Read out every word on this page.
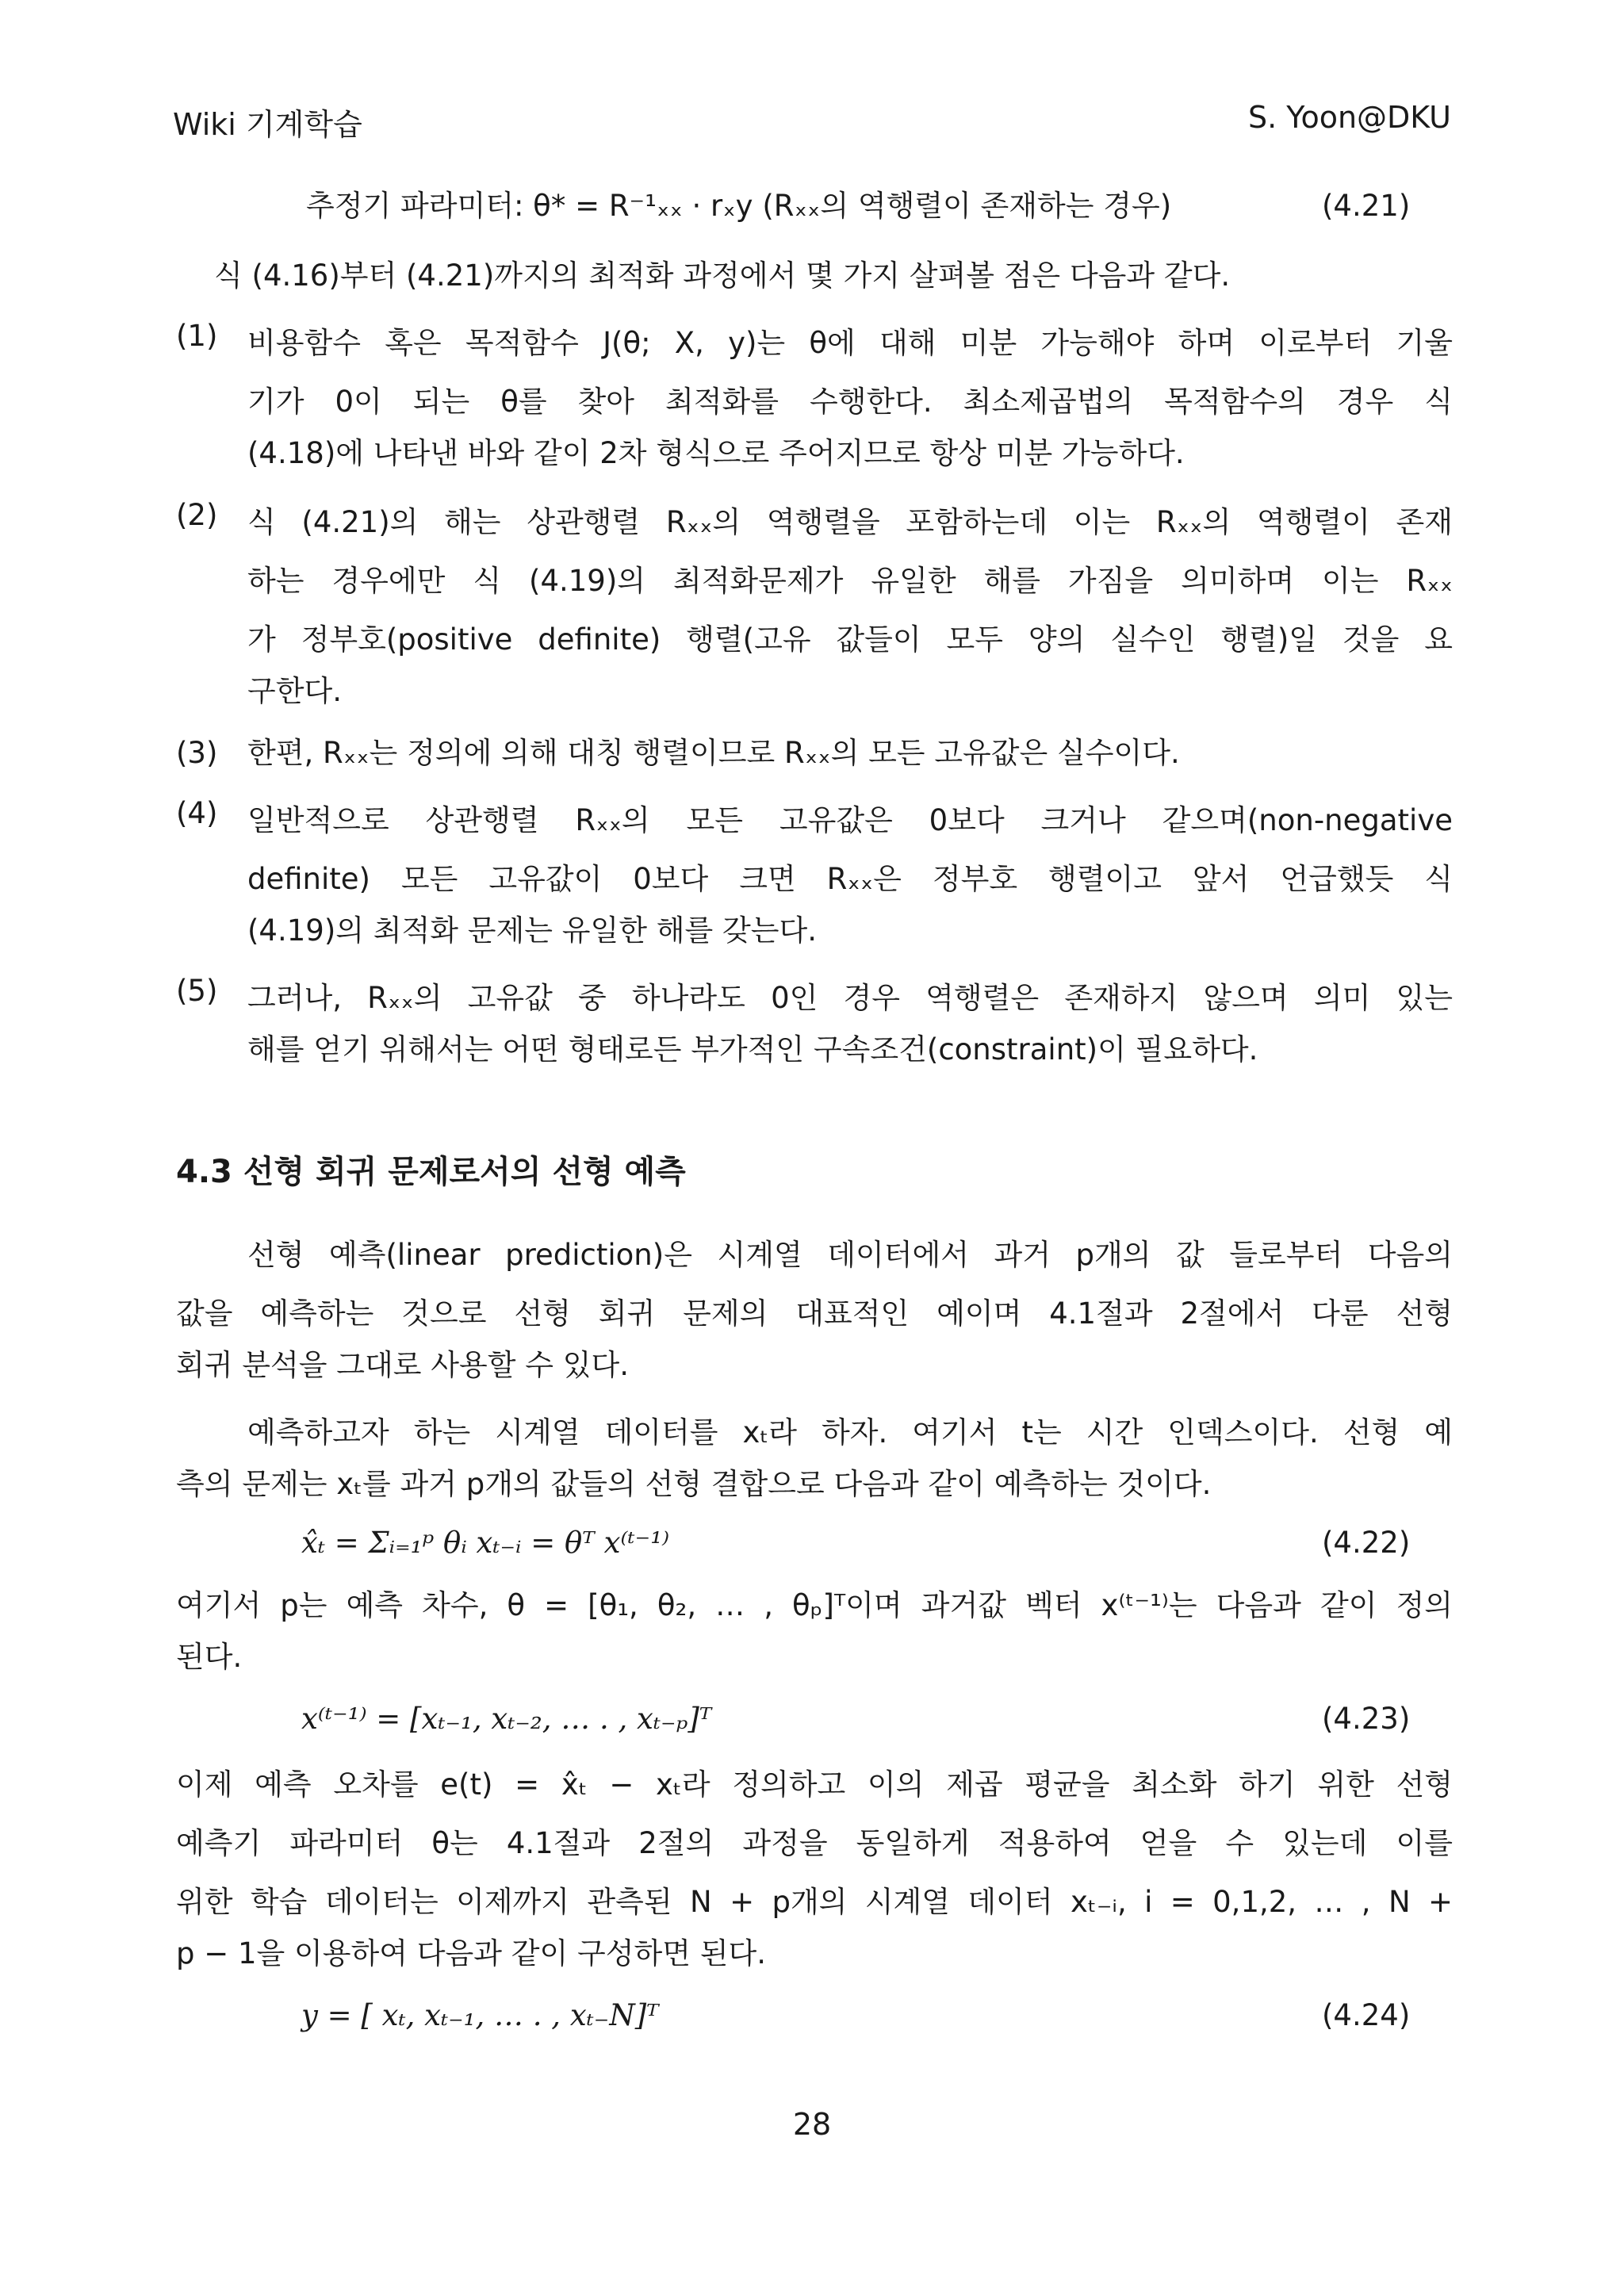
Wiki 기계학습	S. Yoon@DKU
추정기 파라미터: θ* = R⁻¹ₓₓ · rₓy (Rₓₓ의 역행렬이 존재하는 경우)	(4.21)
식 (4.16)부터 (4.21)까지의 최적화 과정에서 몇 가지 살펴볼 점은 다음과 같다.
(1) 비용함수 혹은 목적함수 J(θ; X, y)는 θ에 대해 미분 가능해야 하며 이로부터 기울
기가 0이 되는 θ를 찾아 최적화를 수행한다. 최소제곱법의 목적함수의 경우 식
(4.18)에 나타낸 바와 같이 2차 형식으로 주어지므로 항상 미분 가능하다.
(2) 식 (4.21)의 해는 상관행렬 Rₓₓ의 역행렬을 포함하는데 이는 Rₓₓ의 역행렬이 존재
하는 경우에만 식 (4.19)의 최적화문제가 유일한 해를 가짐을 의미하며 이는 Rₓₓ
가 정부호(positive definite) 행렬(고유 값들이 모두 양의 실수인 행렬)일 것을 요
구한다.
(3) 한편, Rₓₓ는 정의에 의해 대칭 행렬이므로 Rₓₓ의 모든 고유값은 실수이다.
(4) 일반적으로 상관행렬 Rₓₓ의 모든 고유값은 0보다 크거나 같으며(non-negative
definite) 모든 고유값이 0보다 크면 Rₓₓ은 정부호 행렬이고 앞서 언급했듯 식
(4.19)의 최적화 문제는 유일한 해를 갖는다.
(5) 그러나, Rₓₓ의 고유값 중 하나라도 0인 경우 역행렬은 존재하지 않으며 의미 있는
해를 얻기 위해서는 어떤 형태로든 부가적인 구속조건(constraint)이 필요하다.
4.3 선형 회귀 문제로서의 선형 예측
선형 예측(linear prediction)은 시계열 데이터에서 과거 p개의 값 들로부터 다음의
값을 예측하는 것으로 선형 회귀 문제의 대표적인 예이며 4.1절과 2절에서 다룬 선형
회귀 분석을 그대로 사용할 수 있다.
예측하고자 하는 시계열 데이터를 xₜ라 하자. 여기서 t는 시간 인덱스이다. 선형 예
측의 문제는 xₜ를 과거 p개의 값들의 선형 결합으로 다음과 같이 예측하는 것이다.
x̂ₜ = Σᵢ₌₁ᵖ θᵢ xₜ₋ᵢ = θᵀ x⁽ᵗ⁻¹⁾	(4.22)
여기서 p는 예측 차수, θ = [θ₁, θ₂, … , θₚ]ᵀ이며 과거값 벡터 x⁽ᵗ⁻¹⁾는 다음과 같이 정의
된다.
x⁽ᵗ⁻¹⁾ = [xₜ₋₁, xₜ₋₂, … . , xₜ₋ₚ]ᵀ	(4.23)
이제 예측 오차를 e(t) = x̂ₜ − xₜ라 정의하고 이의 제곱 평균을 최소화 하기 위한 선형
예측기 파라미터 θ는 4.1절과 2절의 과정을 동일하게 적용하여 얻을 수 있는데 이를
위한 학습 데이터는 이제까지 관측된 N + p개의 시계열 데이터 xₜ₋ᵢ, i = 0,1,2, … , N +
p − 1을 이용하여 다음과 같이 구성하면 된다.
y = [ xₜ, xₜ₋₁, … . , xₜ₋N]ᵀ	(4.24)
28
